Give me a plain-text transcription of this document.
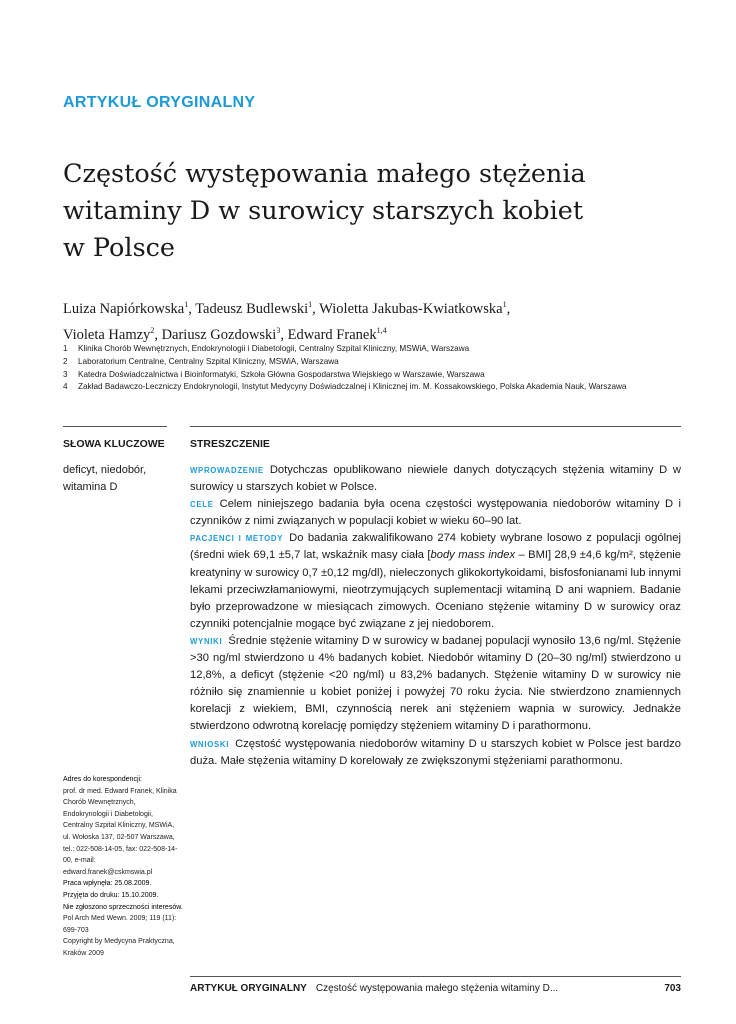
ARTYKUŁ ORYGINALNY
Częstość występowania małego stężenia
witaminy D w surowicy starszych kobiet
w Polsce
Luiza Napiórkowska$^1$, Tadeusz Budlewski$^1$, Wioletta Jakubas-Kwiatkowska$^1$,
Violeta Hamzy$^2$, Dariusz Gozdowski$^3$, Edward Franek$^{1,4}$
1	Klinika Chorób Wewnętrznych, Endokrynologii i Diabetologii, Centralny Szpital Kliniczny, MSWiA, Warszawa
2	Laboratorium Centralne, Centralny Szpital Kliniczny, MSWiA, Warszawa
3	Katedra Doświadczalnictwa i Bioinformatyki, Szkoła Główna Gospodarstwa Wiejskiego w Warszawie, Warszawa
4	Zakład Badawczo-Leczniczy Endokrynologii, Instytut Medycyny Doświadczalnej i Klinicznej im. M. Kossakowskiego, Polska Akademia Nauk, Warszawa
SŁOWA KLUCZOWE
deficyt, niedobór, witamina D
STRESZCZENIE

WPROWADZENIE Dotychczas opublikowano niewiele danych dotyczących stężenia witaminy D w surowicy u starszych kobiet w Polsce.

CELE Celem niniejszego badania była ocena częstości występowania niedoborów witaminy D i czynników z nimi związanych w populacji kobiet w wieku 60–90 lat.

PACJENCI I METODY Do badania zakwalifikowano 274 kobiety wybrane losowo z populacji ogólnej (średni wiek 69,1 ±5,7 lat, wskaźnik masy ciała [body mass index – BMI] 28,9 ±4,6 kg/m², stężenie kreatyniny w surowicy 0,7 ±0,12 mg/dl), nieleczonych glikokortykoidami, bisfosfonianami lub innymi lekami przeciwzłamaniowymi, nieotrzymujących suplementacji witaminą D ani wapniem. Badanie było przeprowadzone w miesiącach zimowych. Oceniano stężenie witaminy D w surowicy oraz czynniki potencjalnie mogące być związane z jej niedoborem.

WYNIKI Średnie stężenie witaminy D w surowicy w badanej populacji wynosiło 13,6 ng/ml. Stężenie >30 ng/ml stwierdzono u 4% badanych kobiet. Niedobór witaminy D (20–30 ng/ml) stwierdzono u 12,8%, a deficyt (stężenie <20 ng/ml) u 83,2% badanych. Stężenie witaminy D w surowicy nie różniło się znamiennie u kobiet poniżej i powyżej 70 roku życia. Nie stwierdzono znamiennych korelacji z wiekiem, BMI, czynnością nerek ani stężeniem wapnia w surowicy. Jednakże stwierdzono odwrotną korelację pomiędzy stężeniem witaminy D i parathormonu.

WNIOSKI Częstość występowania niedoborów witaminy D u starszych kobiet w Polsce jest bardzo duża. Małe stężenia witaminy D korelowały ze zwiększonymi stężeniami parathormonu.

Adres do korespondencji:

prof. dr med. Edward Franek, Klinika Chorób Wewnętrznych, Endokrynologii i Diabetologii, Centralny Szpital Kliniczny, MSWiA, ul. Wołoska 137, 02-507 Warszawa, tel.: 022-508-14-05, fax: 022-508-14-00, e-mail: edward.franek@cskmswia.pl

Praca wpłynęła: 25.08.2009.

Przyjęta do druku: 15.10.2009.

Nie zgłoszono sprzeczności interesów.

Pol Arch Med Wewn. 2009; 119 (11): 699-703

Copyright by Medycyna Praktyczna, Kraków 2009

ARTYKUŁ ORYGINALNY Częstość występowania małego stężenia witaminy D...	703
